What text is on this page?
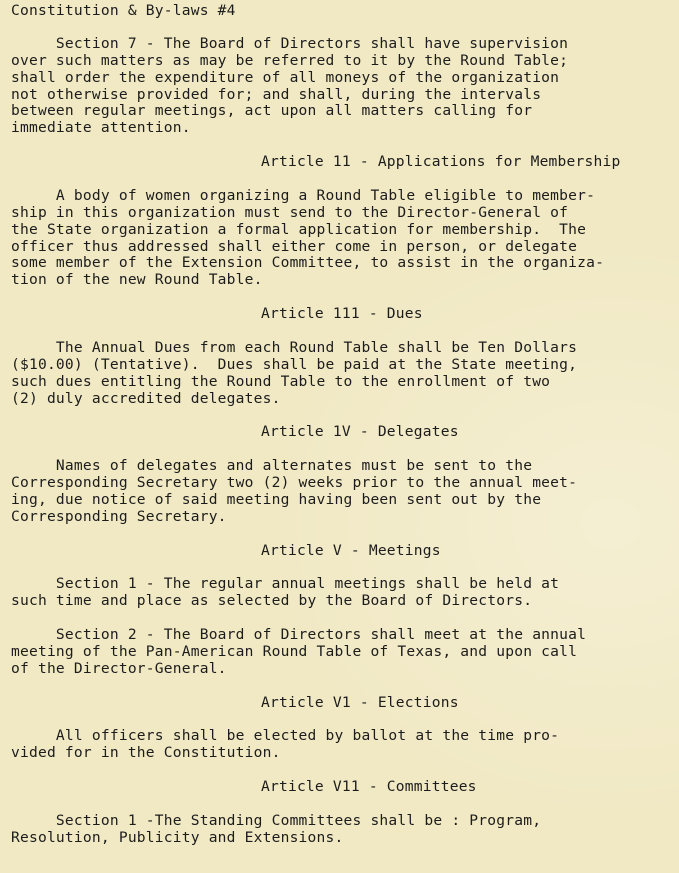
Constitution & By-laws #4
Section 7 - The Board of Directors shall have supervision
over such matters as may be referred to it by the Round Table;
shall order the expenditure of all moneys of the organization
not otherwise provided for; and shall, during the intervals
between regular meetings, act upon all matters calling for
immediate attention.
Article 11 - Applications for Membership
A body of women organizing a Round Table eligible to member-
ship in this organization must send to the Director-General of
the State organization a formal application for membership.  The
officer thus addressed shall either come in person, or delegate
some member of the Extension Committee, to assist in the organiza-
tion of the new Round Table.
Article 111 - Dues
The Annual Dues from each Round Table shall be Ten Dollars
($10.00) (Tentative).  Dues shall be paid at the State meeting,
such dues entitling the Round Table to the enrollment of two
(2) duly accredited delegates.
Article 1V - Delegates
Names of delegates and alternates must be sent to the
Corresponding Secretary two (2) weeks prior to the annual meet-
ing, due notice of said meeting having been sent out by the
Corresponding Secretary.
Article V - Meetings
Section 1 - The regular annual meetings shall be held at
such time and place as selected by the Board of Directors.
Section 2 - The Board of Directors shall meet at the annual
meeting of the Pan-American Round Table of Texas, and upon call
of the Director-General.
Article V1 - Elections
All officers shall be elected by ballot at the time pro-
vided for in the Constitution.
Article V11 - Committees
Section 1 -The Standing Committees shall be : Program,
Resolution, Publicity and Extensions.
